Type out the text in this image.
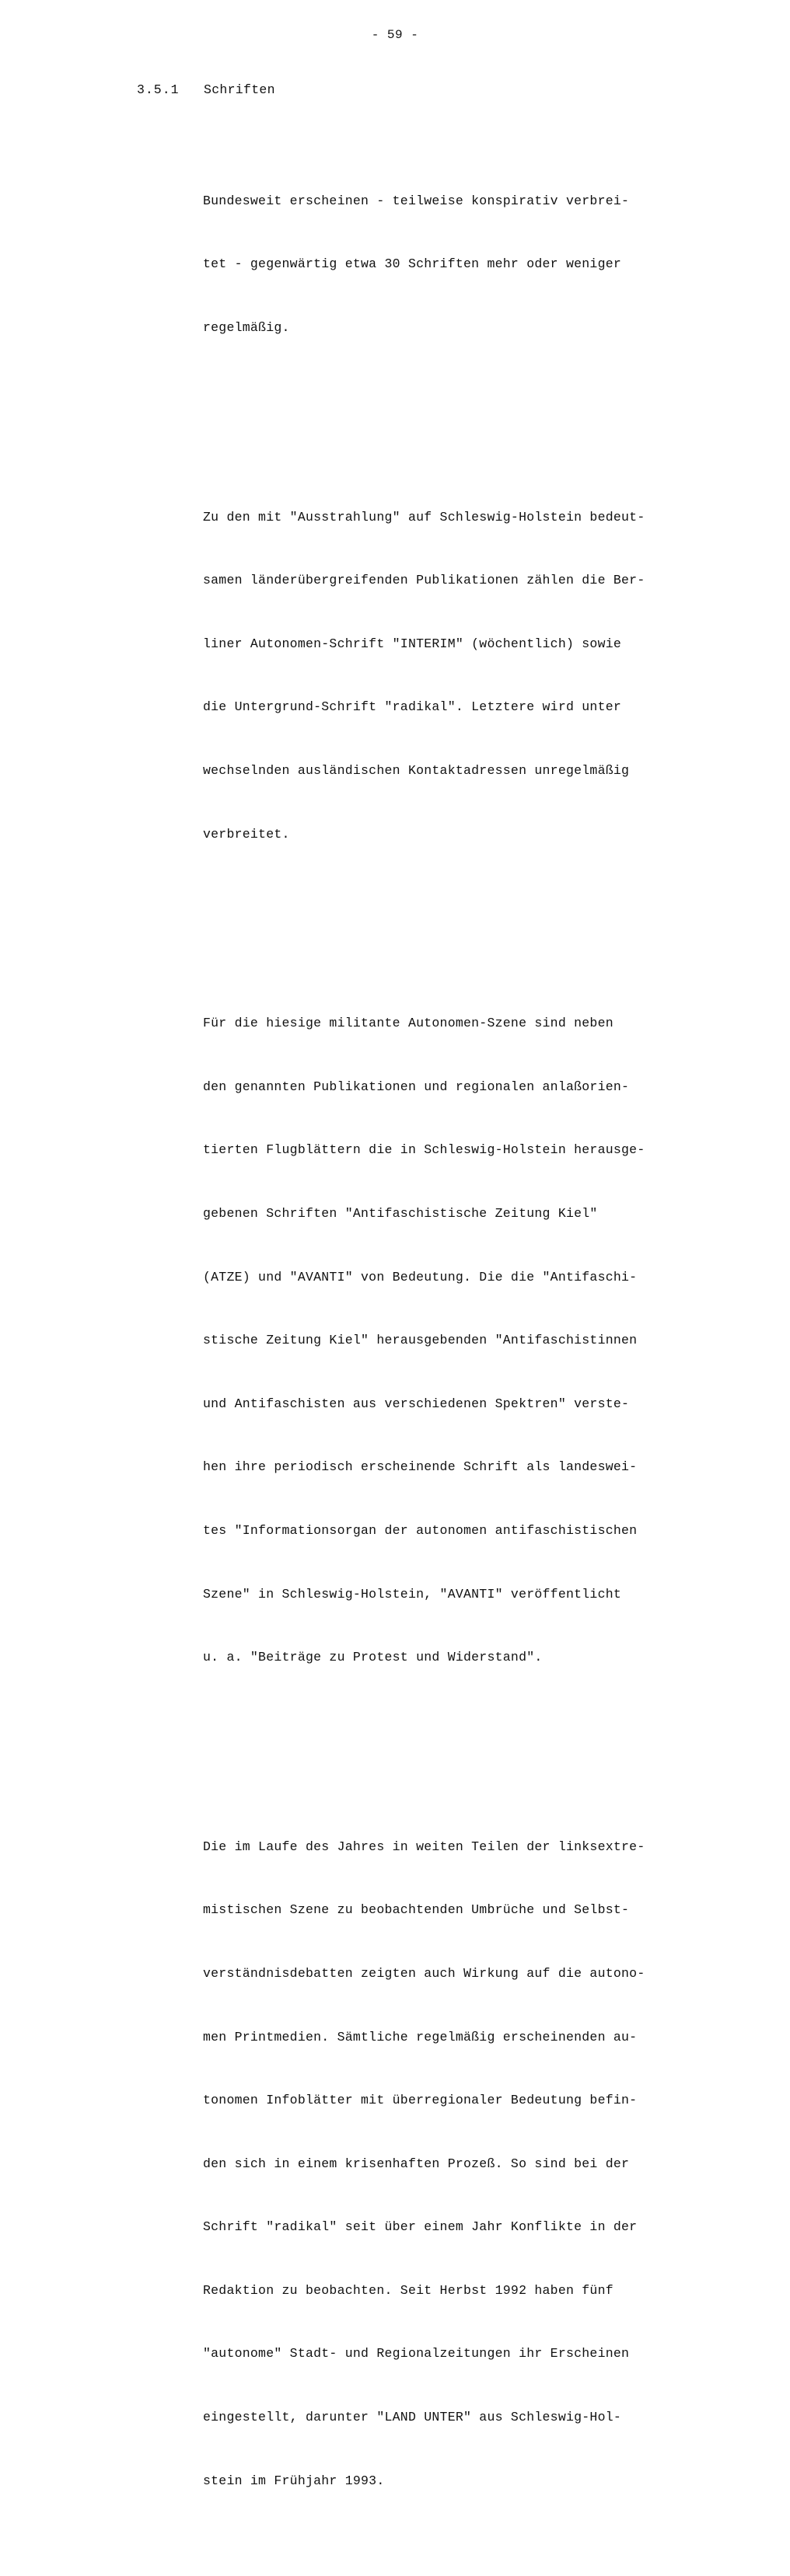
- 59 -
3.5.1 Schriften

Bundesweit erscheinen - teilweise konspirativ verbrei-

tet - gegenwärtig etwa 30 Schriften mehr oder weniger

regelmäßig.

Zu den mit "Ausstrahlung" auf Schleswig-Holstein bedeut-

samen länderübergreifenden Publikationen zählen die Ber-

liner Autonomen-Schrift "INTERIM" (wöchentlich) sowie

die Untergrund-Schrift "radikal". Letztere wird unter

wechselnden ausländischen Kontaktadressen unregelmäßig

verbreitet.

Für die hiesige militante Autonomen-Szene sind neben

den genannten Publikationen und regionalen anlaßorien-

tierten Flugblättern die in Schleswig-Holstein herausge-

gebenen Schriften "Antifaschistische Zeitung Kiel"

(ATZE) und "AVANTI" von Bedeutung. Die die "Antifaschi-

stische Zeitung Kiel" herausgebenden "Antifaschistinnen

und Antifaschisten aus verschiedenen Spektren" verste-

hen ihre periodisch erscheinende Schrift als landeswei-

tes "Informationsorgan der autonomen antifaschistischen

Szene" in Schleswig-Holstein, "AVANTI" veröffentlicht

u. a. "Beiträge zu Protest und Widerstand".

Die im Laufe des Jahres in weiten Teilen der linksextre-

mistischen Szene zu beobachtenden Umbrüche und Selbst-

verständnisdebatten zeigten auch Wirkung auf die autono-

men Printmedien. Sämtliche regelmäßig erscheinenden au-

tonomen Infoblätter mit überregionaler Bedeutung befin-

den sich in einem krisenhaften Prozeß. So sind bei der

Schrift "radikal" seit über einem Jahr Konflikte in der

Redaktion zu beobachten. Seit Herbst 1992 haben fünf

"autonome" Stadt- und Regionalzeitungen ihr Erscheinen

eingestellt, darunter "LAND UNTER" aus Schleswig-Hol-

stein im Frühjahr 1993.
